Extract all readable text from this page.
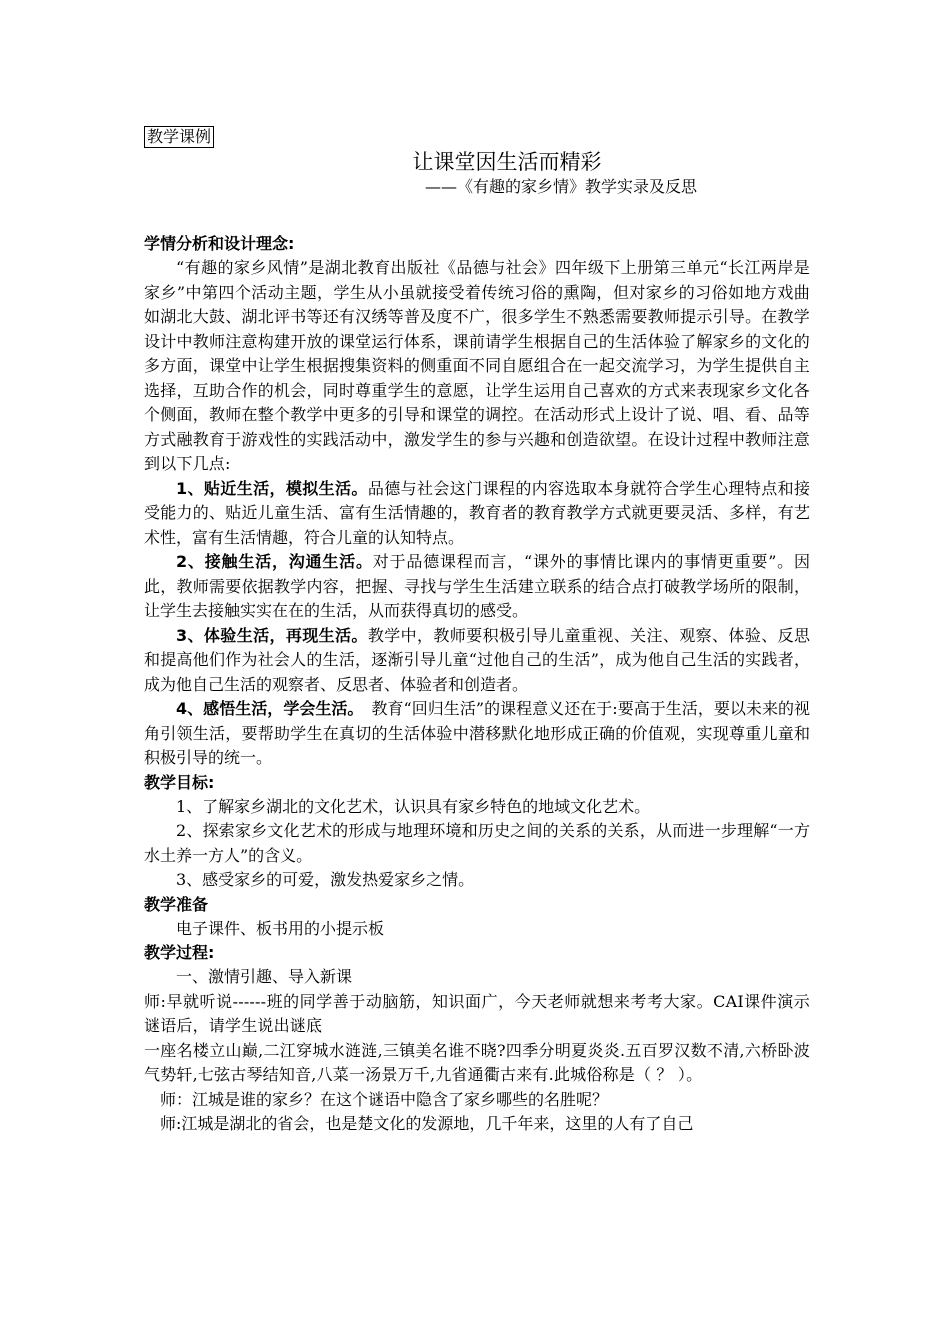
教学课例
让课堂因生活而精彩
——《有趣的家乡情》教学实录及反思
学情分析和设计理念:

“有趣的家乡风情”是湖北教育出版社《品德与社会》四年级下上册第三单元“长江两岸是家乡”中第四个活动主题，学生从小虽就接受着传统习俗的熏陶，但对家乡的习俗如地方戏曲如湖北大鼓、湖北评书等还有汉绣等普及度不广，很多学生不熟悉需要教师提示引导。在教学设计中教师注意构建开放的课堂运行体系，课前请学生根据自己的生活体验了解家乡的文化的多方面，课堂中让学生根据搜集资料的侧重面不同自愿组合在一起交流学习，为学生提供自主选择，互助合作的机会，同时尊重学生的意愿，让学生运用自己喜欢的方式来表现家乡文化各个侧面，教师在整个教学中更多的引导和课堂的调控。在活动形式上设计了说、唱、看、品等方式融教育于游戏性的实践活动中，激发学生的参与兴趣和创造欲望。在设计过程中教师注意到以下几点:

1、贴近生活，模拟生活。品德与社会这门课程的内容选取本身就符合学生心理特点和接受能力的、贴近儿童生活、富有生活情趣的，教育者的教育教学方式就更要灵活、多样，有艺术性，富有生活情趣，符合儿童的认知特点。

2、接触生活，沟通生活。对于品德课程而言，“课外的事情比课内的事情更重要”。因此，教师需要依据教学内容，把握、寻找与学生生活建立联系的结合点打破教学场所的限制，让学生去接触实实在在的生活，从而获得真切的感受。

3、体验生活，再现生活。教学中，教师要积极引导儿童重视、关注、观察、体验、反思和提高他们作为社会人的生活，逐渐引导儿童“过他自己的生活”，成为他自己生活的实践者，成为他自己生活的观察者、反思者、体验者和创造者。

4、感悟生活，学会生活。　教育“回归生活”的课程意义还在于:要高于生活，要以未来的视角引领生活，要帮助学生在真切的生活体验中潜移默化地形成正确的价值观，实现尊重儿童和积极引导的统一。

教学目标:

1、了解家乡湖北的文化艺术，认识具有家乡特色的地域文化艺术。

2、探索家乡文化艺术的形成与地理环境和历史之间的关系的关系，从而进一步理解“一方水土养一方人”的含义。

3、感受家乡的可爱，激发热爱家乡之情。

教学准备

电子课件、板书用的小提示板

教学过程:

一、激情引趣、导入新课

师:早就听说------班的同学善于动脑筋，知识面广，今天老师就想来考考大家。CAI课件演示谜语后，请学生说出谜底

一座名楼立山巅,二江穿城水涟涟,三镇美名谁不晓?四季分明夏炎炎.五百罗汉数不清,六桥卧波气势轩,七弦古琴结知音,八菜一汤景万千,九省通衢古来有.此城俗称是（ ？ ）。

师：江城是谁的家乡？在这个谜语中隐含了家乡哪些的名胜呢？

师:江城是湖北的省会，也是楚文化的发源地，几千年来，这里的人有了自己
